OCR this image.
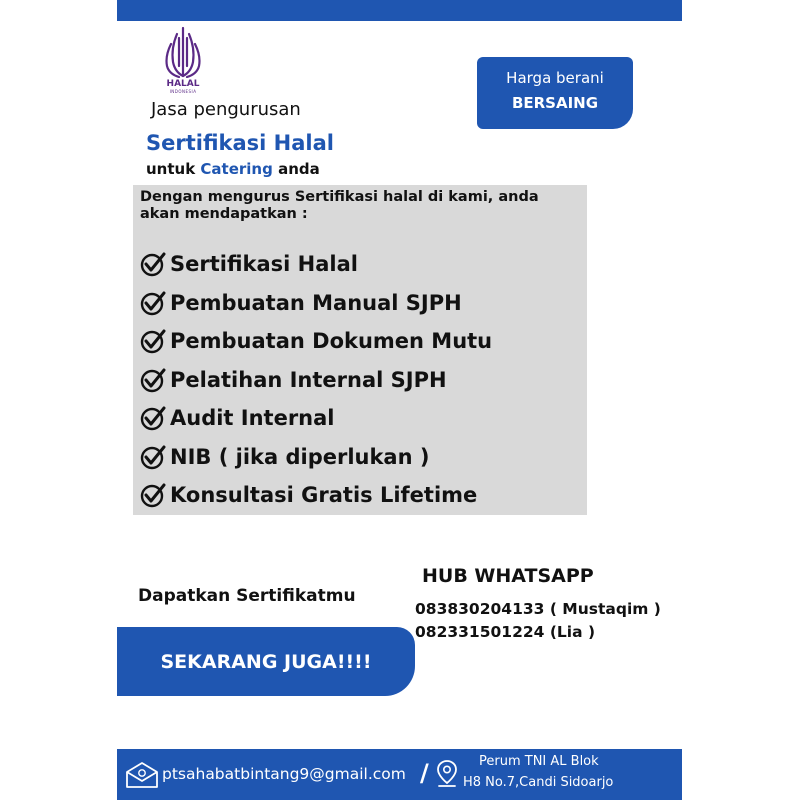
HALAL
INDONESIA
Jasa pengurusan
Sertifikasi Halal
untuk Catering anda
Harga berani
BERSAING
Dengan mengurus Sertifikasi halal di kami, anda akan mendapatkan :
Sertifikasi Halal
Pembuatan Manual SJPH
Pembuatan Dokumen Mutu
Pelatihan Internal SJPH
Audit Internal
NIB ( jika diperlukan )
Konsultasi Gratis Lifetime
Dapatkan Sertifikatmu
SEKARANG JUGA!!!!
HUB WHATSAPP
083830204133 ( Mustaqim )
082331501224 (Lia )
ptsahabatbintang9@gmail.com /	Perum TNI AL Blok
H8 No.7,Candi Sidoarjo
